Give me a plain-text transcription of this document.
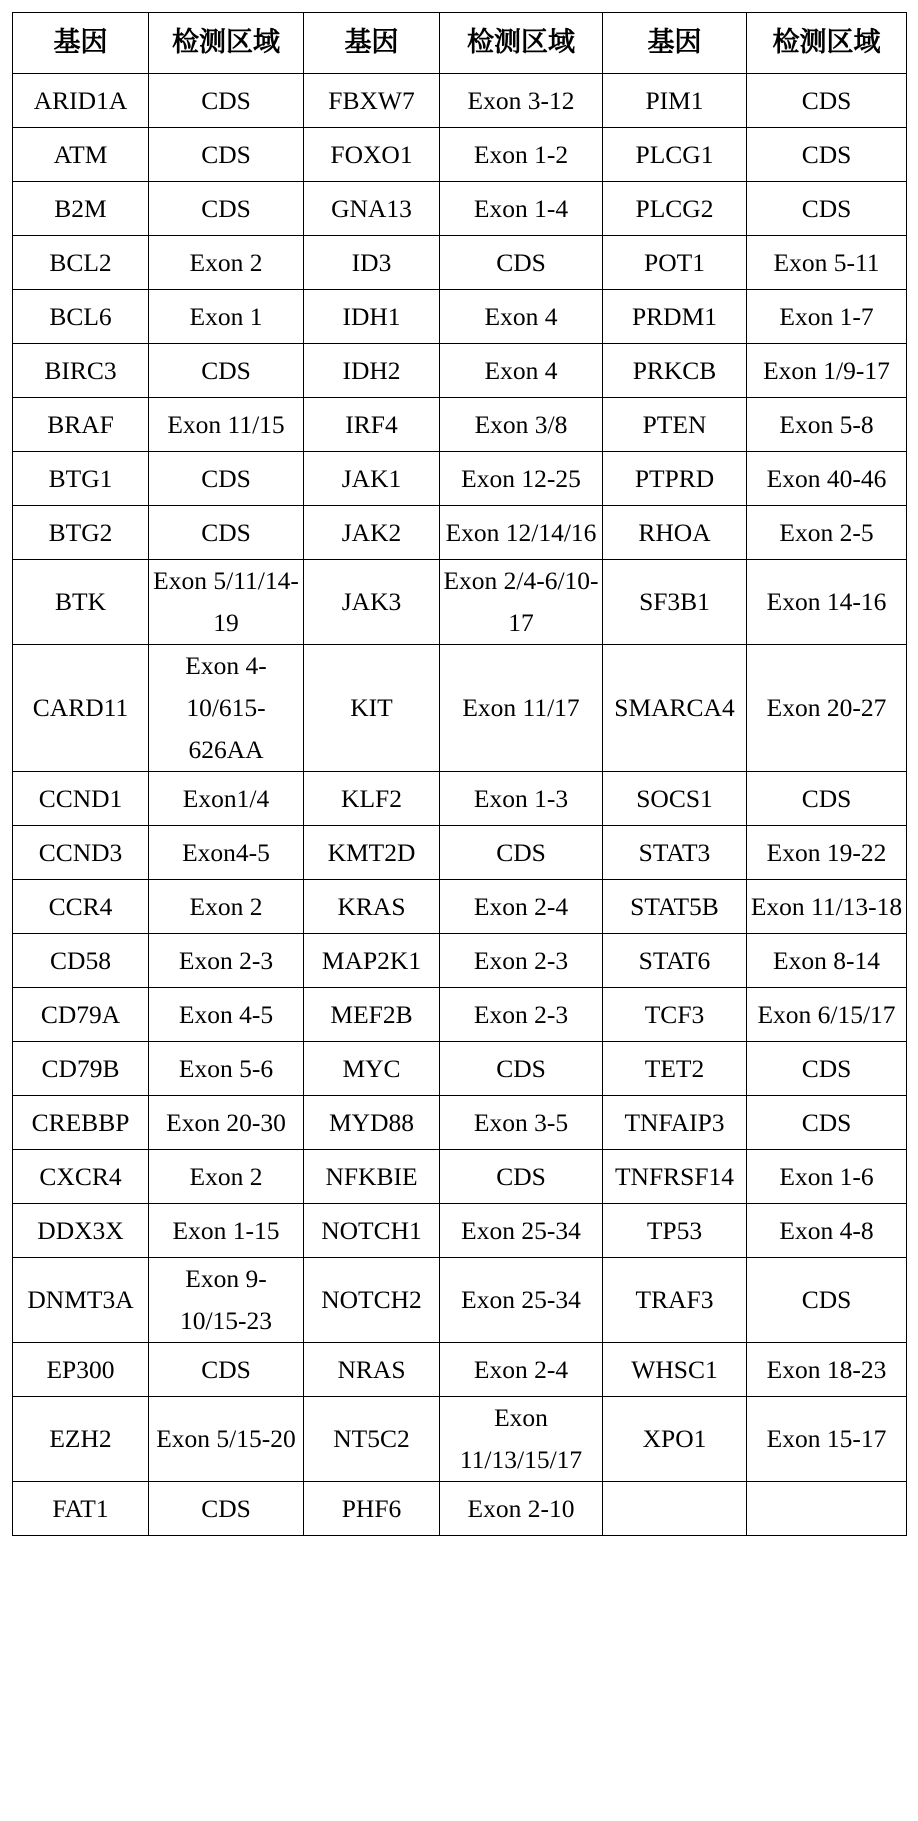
基因	检测区域	基因	检测区域	基因	检测区域
ARID1A	CDS	FBXW7	Exon 3-12	PIM1	CDS
ATM	CDS	FOXO1	Exon 1-2	PLCG1	CDS
B2M	CDS	GNA13	Exon 1-4	PLCG2	CDS
BCL2	Exon 2	ID3	CDS	POT1	Exon 5-11
BCL6	Exon 1	IDH1	Exon 4	PRDM1	Exon 1-7
BIRC3	CDS	IDH2	Exon 4	PRKCB	Exon 1/9-17
BRAF	Exon 11/15	IRF4	Exon 3/8	PTEN	Exon 5-8
BTG1	CDS	JAK1	Exon 12-25	PTPRD	Exon 40-46
BTG2	CDS	JAK2	Exon 12/14/16	RHOA	Exon 2-5
BTK	Exon 5/11/14-19	JAK3	Exon 2/4-6/10-17	SF3B1	Exon 14-16
CARD11	Exon 4-10/615-626AA	KIT	Exon 11/17	SMARCA4	Exon 20-27
CCND1	Exon1/4	KLF2	Exon 1-3	SOCS1	CDS
CCND3	Exon4-5	KMT2D	CDS	STAT3	Exon 19-22
CCR4	Exon 2	KRAS	Exon 2-4	STAT5B	Exon 11/13-18
CD58	Exon 2-3	MAP2K1	Exon 2-3	STAT6	Exon 8-14
CD79A	Exon 4-5	MEF2B	Exon 2-3	TCF3	Exon 6/15/17
CD79B	Exon 5-6	MYC	CDS	TET2	CDS
CREBBP	Exon 20-30	MYD88	Exon 3-5	TNFAIP3	CDS
CXCR4	Exon 2	NFKBIE	CDS	TNFRSF14	Exon 1-6
DDX3X	Exon 1-15	NOTCH1	Exon 25-34	TP53	Exon 4-8
DNMT3A	Exon 9-10/15-23	NOTCH2	Exon 25-34	TRAF3	CDS
EP300	CDS	NRAS	Exon 2-4	WHSC1	Exon 18-23
EZH2	Exon 5/15-20	NT5C2	Exon 11/13/15/17	XPO1	Exon 15-17
FAT1	CDS	PHF6	Exon 2-10		
